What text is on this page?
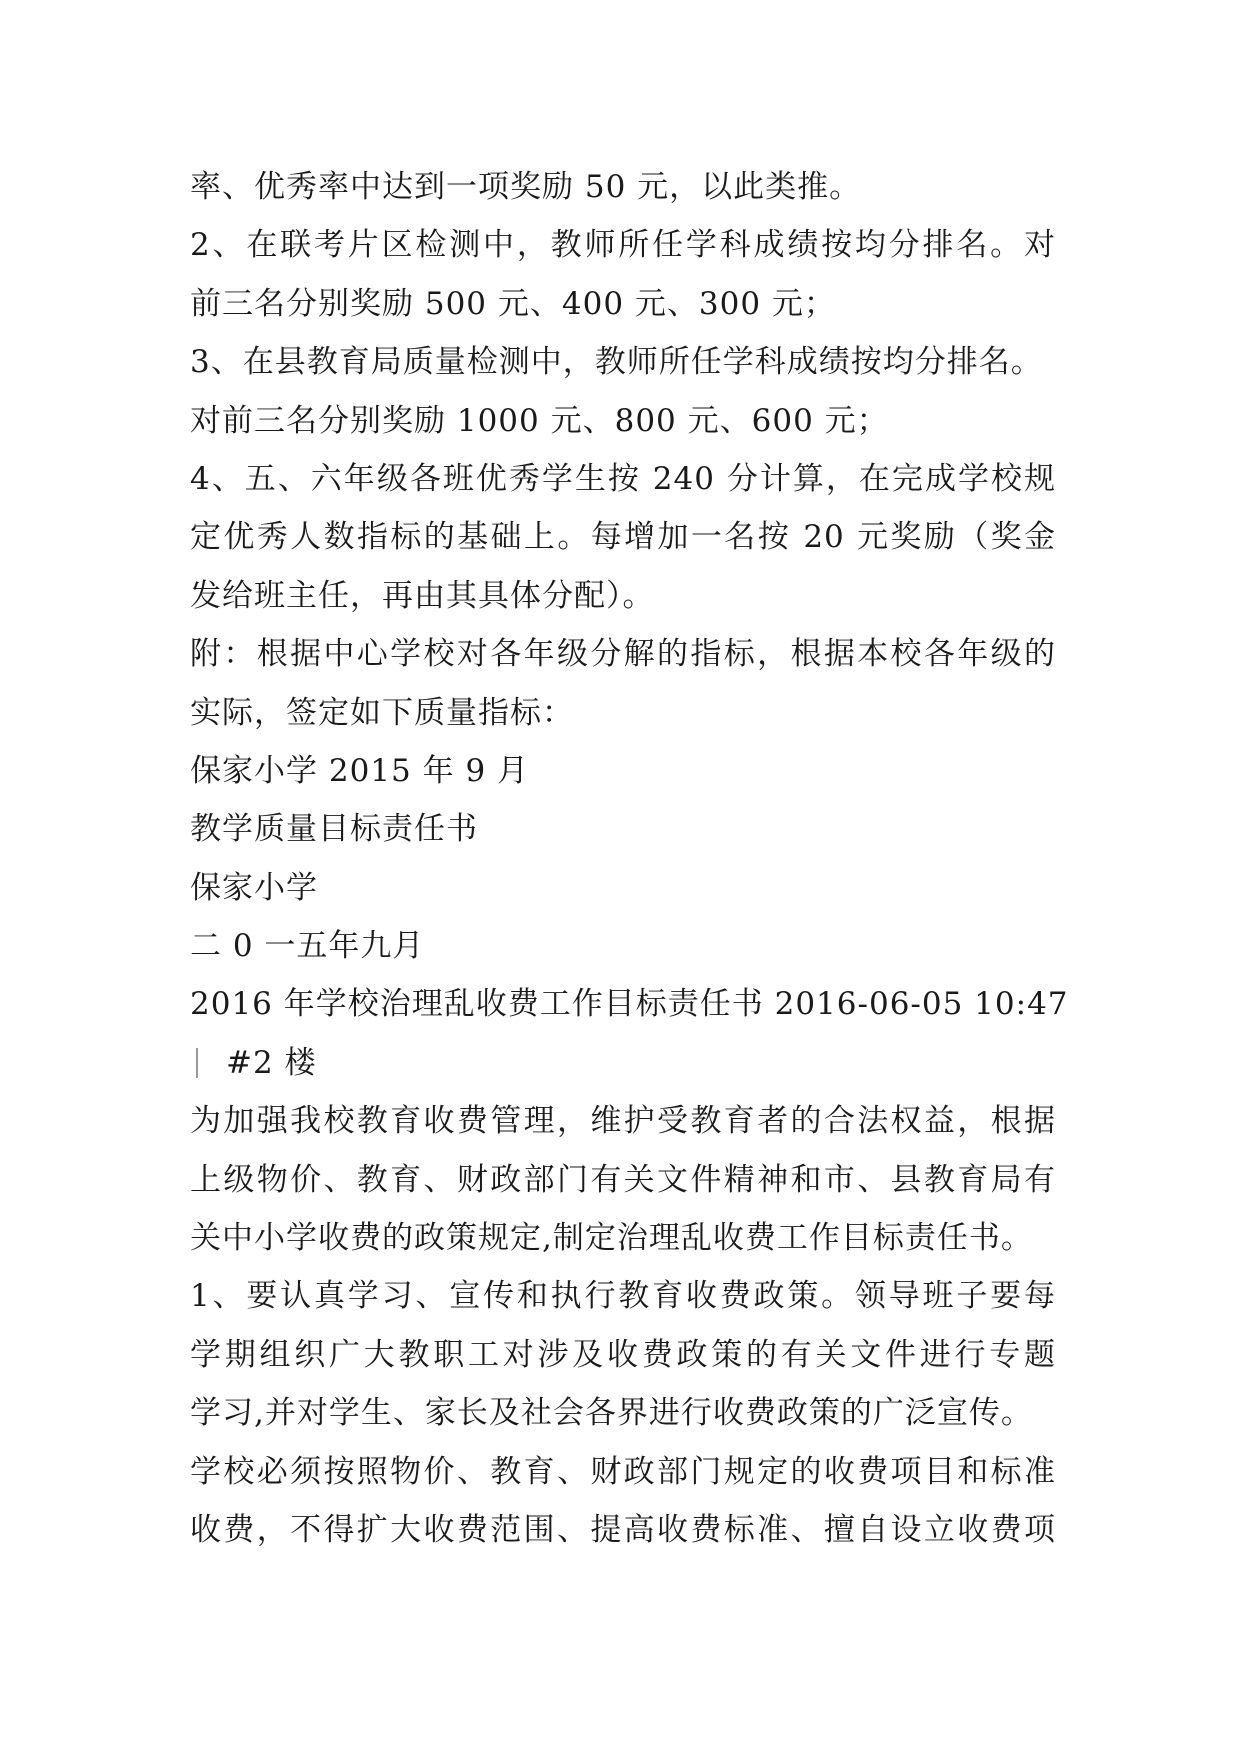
率、优秀率中达到一项奖励 50 元，以此类推。
2、在联考片区检测中，教师所任学科成绩按均分排名。对
前三名分别奖励 500 元、400 元、300 元；
3、在县教育局质量检测中，教师所任学科成绩按均分排名。
对前三名分别奖励 1000 元、800 元、600 元；
4、五、六年级各班优秀学生按 240 分计算，在完成学校规
定优秀人数指标的基础上。每增加一名按 20 元奖励（奖金
发给班主任，再由其具体分配）。
附：根据中心学校对各年级分解的指标，根据本校各年级的
实际，签定如下质量指标：
保家小学 2015 年 9 月
教学质量目标责任书
保家小学
二 0 一五年九月
2016 年学校治理乱收费工作目标责任书 2016-06-05 10:47
#2 楼
为加强我校教育收费管理，维护受教育者的合法权益，根据
上级物价、教育、财政部门有关文件精神和市、县教育局有
关中小学收费的政策规定,制定治理乱收费工作目标责任书。
1、要认真学习、宣传和执行教育收费政策。领导班子要每
学期组织广大教职工对涉及收费政策的有关文件进行专题
学习,并对学生、家长及社会各界进行收费政策的广泛宣传。
学校必须按照物价、教育、财政部门规定的收费项目和标准
收费，不得扩大收费范围、提高收费标准、擅自设立收费项
